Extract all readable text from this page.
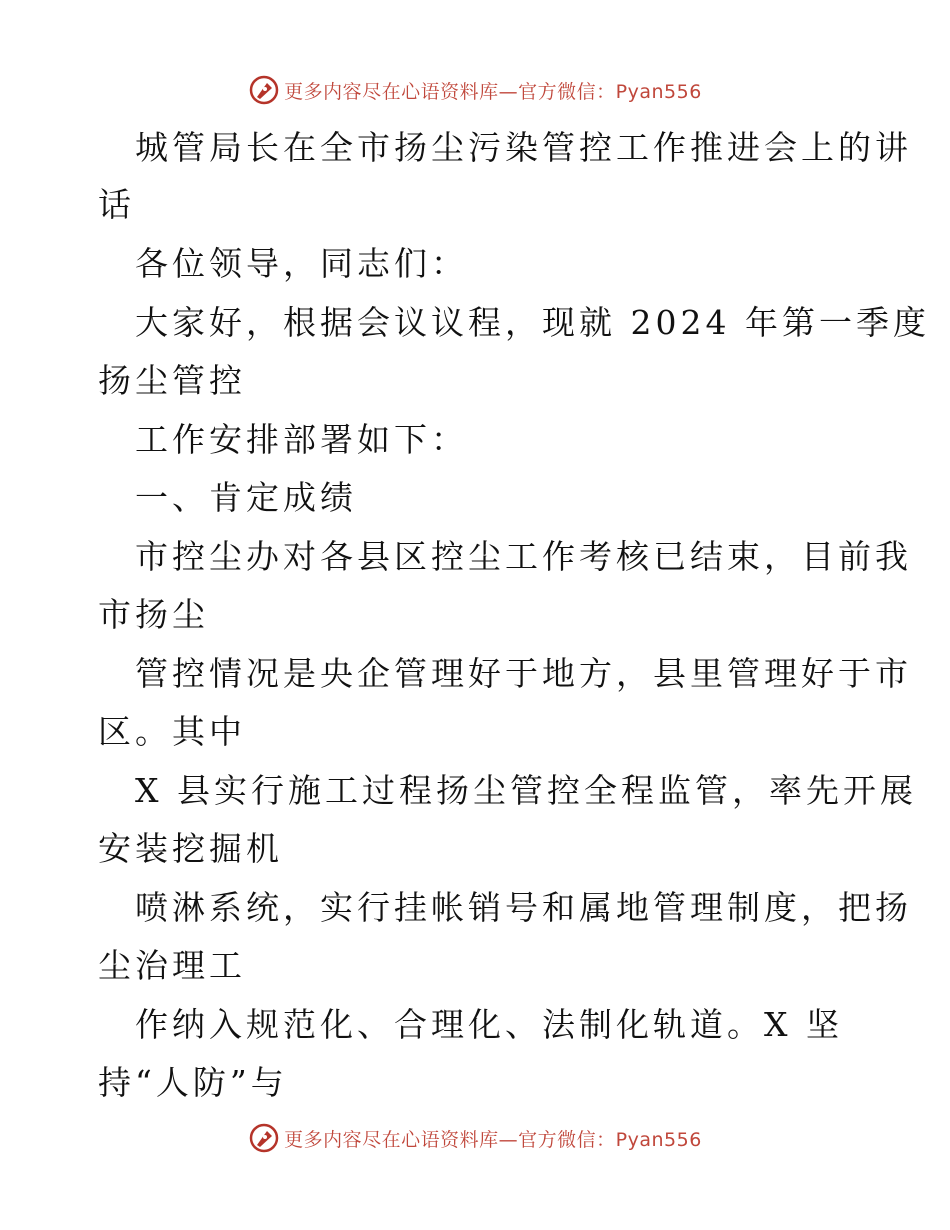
更多内容尽在心语资料库—官方微信：Pyan556
城管局长在全市扬尘污染管控工作推进会上的讲
话
各位领导，同志们：
大家好，根据会议议程，现就 2024 年第一季度
扬尘管控
工作安排部署如下：
一、肯定成绩
市控尘办对各县区控尘工作考核已结束，目前我
市扬尘
管控情况是央企管理好于地方，县里管理好于市
区。其中
X 县实行施工过程扬尘管控全程监管，率先开展
安装挖掘机
喷淋系统，实行挂帐销号和属地管理制度，把扬
尘治理工
作纳入规范化、合理化、法制化轨道。X 坚
持“人防”与
更多内容尽在心语资料库—官方微信：Pyan556
